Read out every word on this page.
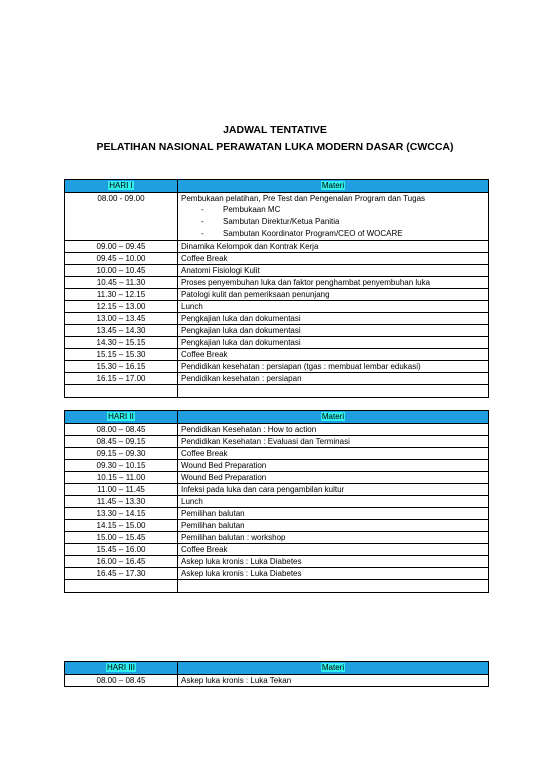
JADWAL TENTATIVE
PELATIHAN NASIONAL PERAWATAN LUKA MODERN DASAR (CWCCA)
HARI I	Materi
08.00 - 09.00	Pembukaan pelatihan, Pre Test dan Pengenalan Program dan Tugas
- Pembukaan MC
- Sambutan Direktur/Ketua Panitia
- Sambutan Koordinator Program/CEO of WOCARE

09.00 – 09.45	Dinamika Kelompok dan Kontrak Kerja
09.45 – 10.00	Coffee Break
10.00 – 10.45	Anatomi Fisiologi Kulit
10.45 – 11.30	Proses penyembuhan luka dan faktor penghambat penyembuhan luka
11.30 – 12.15	Patologi kulit dan pemeriksaan penunjang
12.15 – 13.00	Lunch
13.00 – 13.45	Pengkajian luka dan dokumentasi
13.45 – 14.30	Pengkajian luka dan dokumentasi
14.30 – 15.15	Pengkajian luka dan dokumentasi
15.15 – 15.30	Coffee Break
15.30 – 16.15	Pendidikan kesehatan : persiapan (tgas : membuat lembar edukasi)
16.15 – 17.00	Pendidikan kesehatan : persiapan

HARI II	Materi
08.00 – 08.45	Pendidikan Kesehatan : How to action
08.45 – 09.15	Pendidikan Kesehatan : Evaluasi dan Terminasi
09.15 – 09.30	Coffee Break
09.30 – 10.15	Wound Bed Preparation
10.15 – 11.00	Wound Bed Preparation
11.00 – 11.45	Infeksi pada luka dan cara pengambilan kultur
11.45 – 13.30	Lunch
13.30 – 14.15	Pemilihan balutan
14.15 – 15.00	Pemilihan balutan
15.00 – 15.45	Pemilihan balutan : workshop
15.45 – 16.00	Coffee Break
16.00 – 16.45	Askep luka kronis : Luka Diabetes
16.45 – 17.30	Askep luka kronis : Luka Diabetes

HARI III	Materi
08.00 – 08.45	Askep luka kronis : Luka Tekan
